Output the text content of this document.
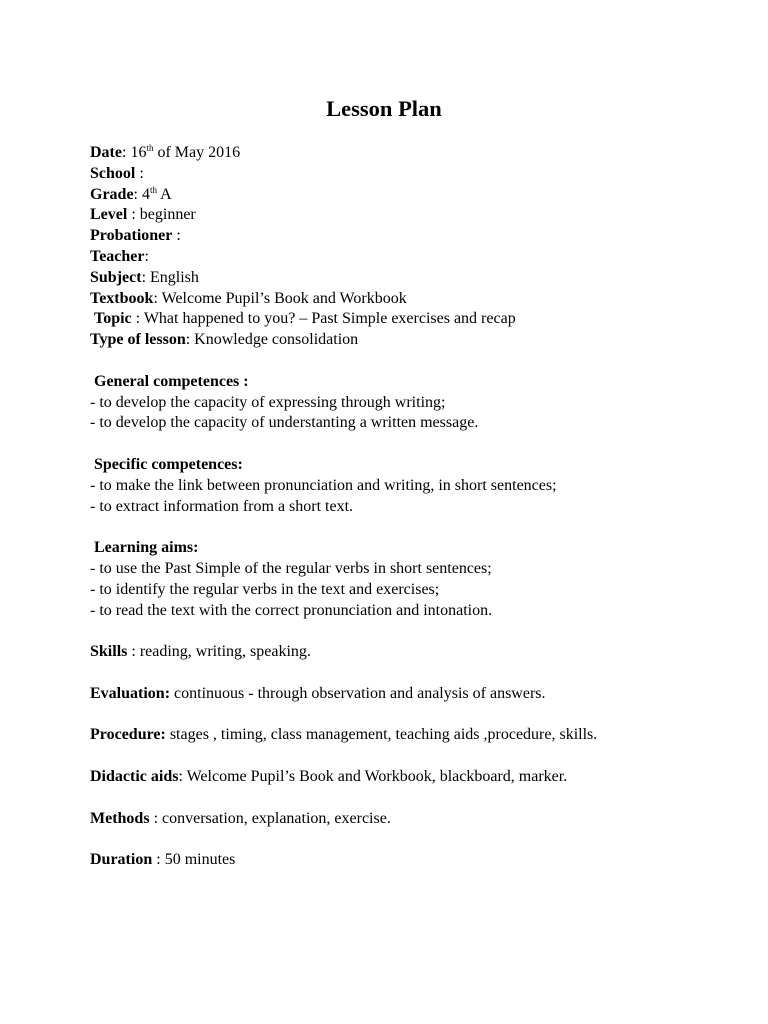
Lesson Plan
Date: 16th of May 2016
School :
Grade: 4th A
Level : beginner
Probationer :
Teacher:
Subject: English
Textbook: Welcome Pupil’s Book and Workbook
Topic : What happened to you? – Past Simple exercises and recap
Type of lesson: Knowledge consolidation
General competences :
- to develop the capacity of expressing through writing;
- to develop the capacity of understanting a written message.
Specific competences:
- to make the link between pronunciation and writing, in short sentences;
- to extract information from a short text.
Learning aims:
- to use the Past Simple of the regular verbs in short sentences;
- to identify the regular verbs in the text and exercises;
- to read the text with the correct pronunciation and intonation.
Skills : reading, writing, speaking.
Evaluation: continuous - through observation and analysis of answers.
Procedure: stages , timing, class management, teaching aids ,procedure, skills.
Didactic aids: Welcome Pupil’s Book and Workbook, blackboard, marker.
Methods : conversation, explanation, exercise.
Duration : 50 minutes
